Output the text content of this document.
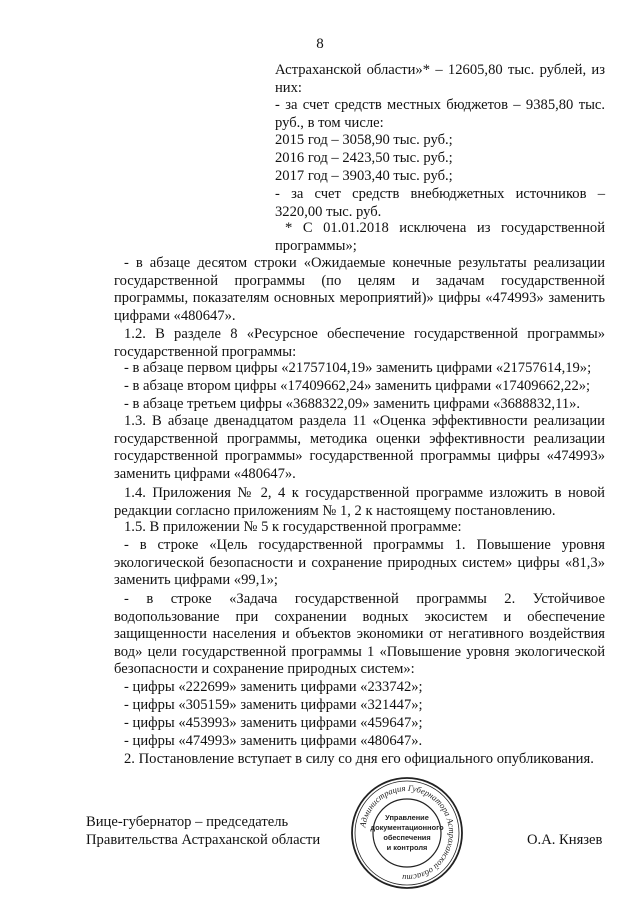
8

Астраханской области»* – 12605,80 тыс. рублей, из них:

- за счет средств местных бюджетов – 9385,80 тыс. руб., в том числе:

2015 год – 3058,90 тыс. руб.;

2016 год – 2423,50 тыс. руб.;

2017 год – 3903,40 тыс. руб.;

- за счет средств внебюджетных источников – 3220,00 тыс. руб.

* С 01.01.2018 исключена из государственной программы»;

- в абзаце десятом строки «Ожидаемые конечные результаты реализации государственной программы (по целям и задачам государственной программы, показателям основных мероприятий)» цифры «474993» заменить цифрами «480647».

1.2. В разделе 8 «Ресурсное обеспечение государственной программы» государственной программы:

- в абзаце первом цифры «21757104,19» заменить цифрами «21757614,19»;

- в абзаце втором цифры «17409662,24» заменить цифрами «17409662,22»;

- в абзаце третьем цифры «3688322,09» заменить цифрами «3688832,11».

1.3. В абзаце двенадцатом раздела 11 «Оценка эффективности реализации государственной программы, методика оценки эффективности реализации государственной программы» государственной программы цифры «474993» заменить цифрами «480647».

1.4. Приложения № 2, 4 к государственной программе изложить в новой редакции согласно приложениям № 1, 2 к настоящему постановлению.

1.5. В приложении № 5 к государственной программе:

- в строке «Цель государственной программы 1. Повышение уровня экологической безопасности и сохранение природных систем» цифры «81,3» заменить цифрами «99,1»;

- в строке «Задача государственной программы 2. Устойчивое водопользование при сохранении водных экосистем и обеспечение защищенности населения и объектов экономики от негативного воздействия вод» цели государственной программы 1 «Повышение уровня экологической безопасности и сохранение природных систем»:

- цифры «222699» заменить цифрами «233742»;

- цифры «305159» заменить цифрами «321447»;

- цифры «453993» заменить цифрами «459647»;

- цифры «474993» заменить цифрами «480647».

2. Постановление вступает в силу со дня его официального опубликования.

Вице-губернатор – председатель
Правительства Астраханской области	О.А. Князев
Администрация Губернатора Астраханской области
Управление
документационного
обеспечения
и контроля
